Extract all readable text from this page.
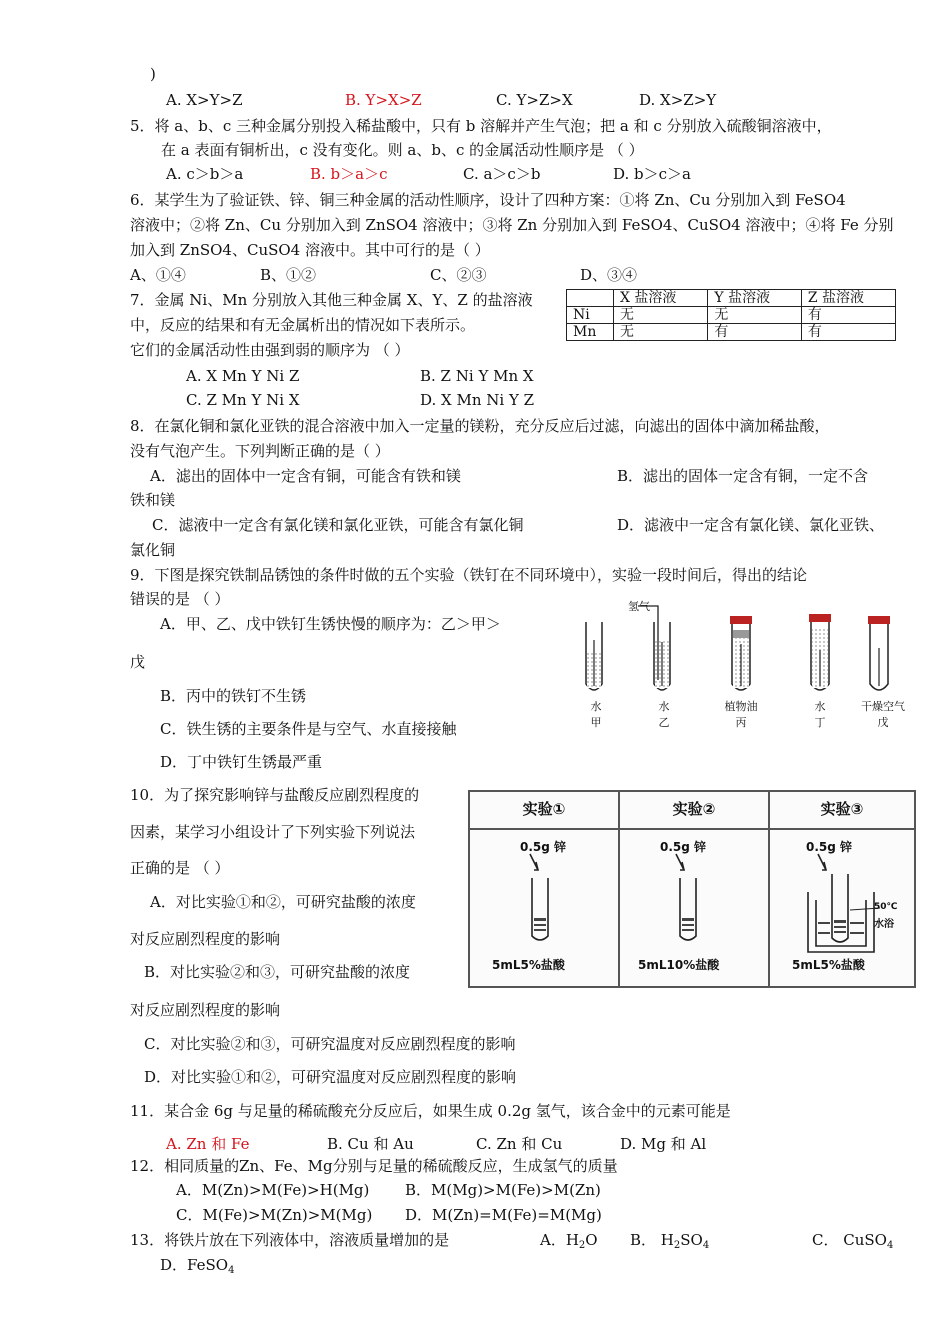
)
A. X>Y>Z	B. Y>X>Z	C. Y>Z>X	D. X>Z>Y
5．将 a、b、c 三种金属分别投入稀盐酸中，只有 b 溶解并产生气泡；把 a 和 c 分别放入硫酸铜溶液中，
在 a 表面有铜析出，c 没有变化。则 a、b、c 的金属活动性顺序是 （ ）
A. c＞b＞a	B. b＞a＞c	C. a＞c＞b	D. b＞c＞a
6．某学生为了验证铁、锌、铜三种金属的活动性顺序，设计了四种方案：①将 Zn、Cu 分别加入到 FeSO4
溶液中；②将 Zn、Cu 分别加入到 ZnSO4 溶液中；③将 Zn 分别加入到 FeSO4、CuSO4 溶液中；④将 Fe 分别
加入到 ZnSO4、CuSO4 溶液中。其中可行的是（ ）
A、①④	B、①②	C、②③	D、③④
7．金属 Ni、Mn 分别放入其他三种金属 X、Y、Z 的盐溶液
中，反应的结果和有无金属析出的情况如下表所示。
它们的金属活动性由强到弱的顺序为 （ ）
A. X Mn Y Ni Z	B. Z Ni Y Mn X
C. Z Mn Y Ni X	D. X Mn Ni Y Z
	X 盐溶液	Y 盐溶液	Z 盐溶液
Ni	无	无	有
Mn	无	有	有
8．在氯化铜和氯化亚铁的混合溶液中加入一定量的镁粉，充分反应后过滤，向滤出的固体中滴加稀盐酸，
没有气泡产生。下列判断正确的是（ ）
A．滤出的固体中一定含有铜，可能含有铁和镁	B．滤出的固体一定含有铜，一定不含
铁和镁
C．滤液中一定含有氯化镁和氯化亚铁，可能含有氯化铜	D．滤液中一定含有氯化镁、氯化亚铁、
氯化铜
9．下图是探究铁制品锈蚀的条件时做的五个实验（铁钉在不同环境中），实验一段时间后，得出的结论
错误的是 （ ）
A．甲、乙、戊中铁钉生锈快慢的顺序为：乙＞甲＞
戊
B．丙中的铁钉不生锈
C．铁生锈的主要条件是与空气、水直接接触
D．丁中铁钉生锈最严重
氢气
水
甲
水
乙
植物油
丙
水
丁
干燥空气
戊
10．为了探究影响锌与盐酸反应剧烈程度的
因素，某学习小组设计了下列实验下列说法
正确的是 （ ）
A．对比实验①和②，可研究盐酸的浓度
对反应剧烈程度的影响
B．对比实验②和③，可研究盐酸的浓度
对反应剧烈程度的影响
C．对比实验②和③，可研究温度对反应剧烈程度的影响
D．对比实验①和②，可研究温度对反应剧烈程度的影响
实验①	实验②	实验③
0.5g 锌	0.5g 锌	0.5g 锌
50℃
水浴
5mL5%盐酸	5mL10%盐酸	5mL5%盐酸
11．某合金 6g 与足量的稀硫酸充分反应后，如果生成 0.2g 氢气，该合金中的元素可能是
A. Zn 和 Fe	B. Cu 和 Au	C. Zn 和 Cu	D. Mg 和 Al
12．相同质量的Zn、Fe、Mg分别与足量的稀硫酸反应，生成氢气的质量
A．M(Zn)>M(Fe)>H(Mg) B．M(Mg)>M(Fe)>M(Zn)
C．M(Fe)>M(Zn)>M(Mg) D．M(Zn)=M(Fe)=M(Mg)
13．将铁片放在下列液体中，溶液质量增加的是	A．$H_2O$ B． $H_2SO_4$	C． CuSO$_4$
D．FeSO$_4$
